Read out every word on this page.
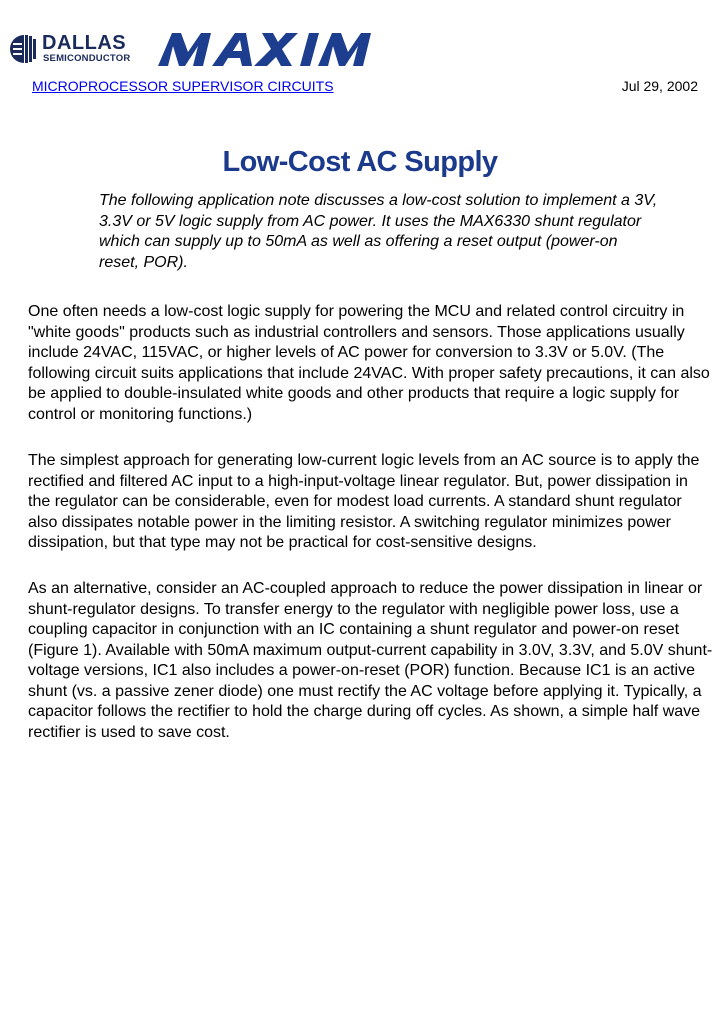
DALLAS
SEMICONDUCTOR
MICROPROCESSOR SUPERVISOR CIRCUITS	Jul 29, 2002
Low-Cost AC Supply
The following application note discusses a low-cost solution to implement a 3V, 3.3V or 5V logic supply from AC power. It uses the MAX6330 shunt regulator which can supply up to 50mA as well as offering a reset output (power-on reset, POR).
One often needs a low-cost logic supply for powering the MCU and related control circuitry in "white goods" products such as industrial controllers and sensors. Those applications usually include 24VAC, 115VAC, or higher levels of AC power for conversion to 3.3V or 5.0V. (The following circuit suits applications that include 24VAC. With proper safety precautions, it can also be applied to double-insulated white goods and other products that require a logic supply for control or monitoring functions.)
The simplest approach for generating low-current logic levels from an AC source is to apply the rectified and filtered AC input to a high-input-voltage linear regulator. But, power dissipation in the regulator can be considerable, even for modest load currents. A standard shunt regulator also dissipates notable power in the limiting resistor. A switching regulator minimizes power dissipation, but that type may not be practical for cost-sensitive designs.
As an alternative, consider an AC-coupled approach to reduce the power dissipation in linear or shunt-regulator designs. To transfer energy to the regulator with negligible power loss, use a coupling capacitor in conjunction with an IC containing a shunt regulator and power-on reset (Figure 1). Available with 50mA maximum output-current capability in 3.0V, 3.3V, and 5.0V shunt-voltage versions, IC1 also includes a power-on-reset (POR) function. Because IC1 is an active shunt (vs. a passive zener diode) one must rectify the AC voltage before applying it. Typically, a capacitor follows the rectifier to hold the charge during off cycles. As shown, a simple half wave rectifier is used to save cost.
